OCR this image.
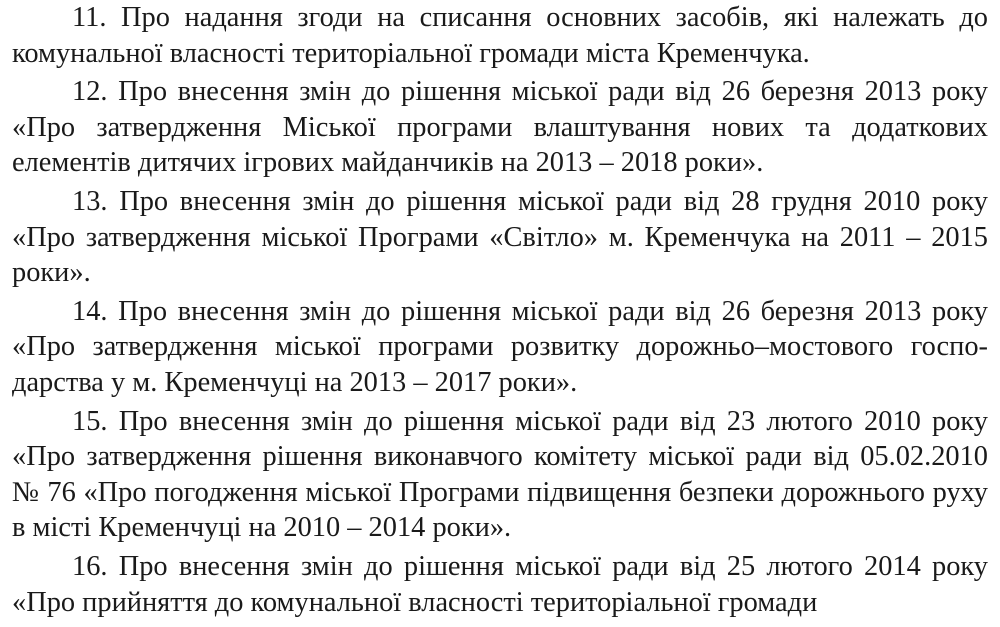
11. Про надання згоди на списання основних засобів, які належать до комунальної власності територіальної громади міста Кременчука.

12. Про внесення змін до рішення міської ради від 26 березня 2013 року «Про затвердження Міської програми влаштування нових та додаткових елементів дитячих ігрових майданчиків на 2013 – 2018 роки».

13. Про внесення змін до рішення міської ради від 28 грудня 2010 року «Про затвердження міської Програми «Світло» м. Кременчука на 2011 – 2015 роки».

14. Про внесення змін до рішення міської ради від 26 березня 2013 року «Про затвердження міської програми розвитку дорожньо–мостового госпо-дарства у м. Кременчуці на 2013 – 2017 роки».

15. Про внесення змін до рішення міської ради від 23 лютого 2010 року «Про затвердження рішення виконавчого комітету міської ради від 05.02.2010 № 76 «Про погодження міської Програми підвищення безпеки дорожнього руху в місті Кременчуці на 2010 – 2014 роки».

16. Про внесення змін до рішення міської ради від 25 лютого 2014 року «Про прийняття до комунальної власності територіальної громади
